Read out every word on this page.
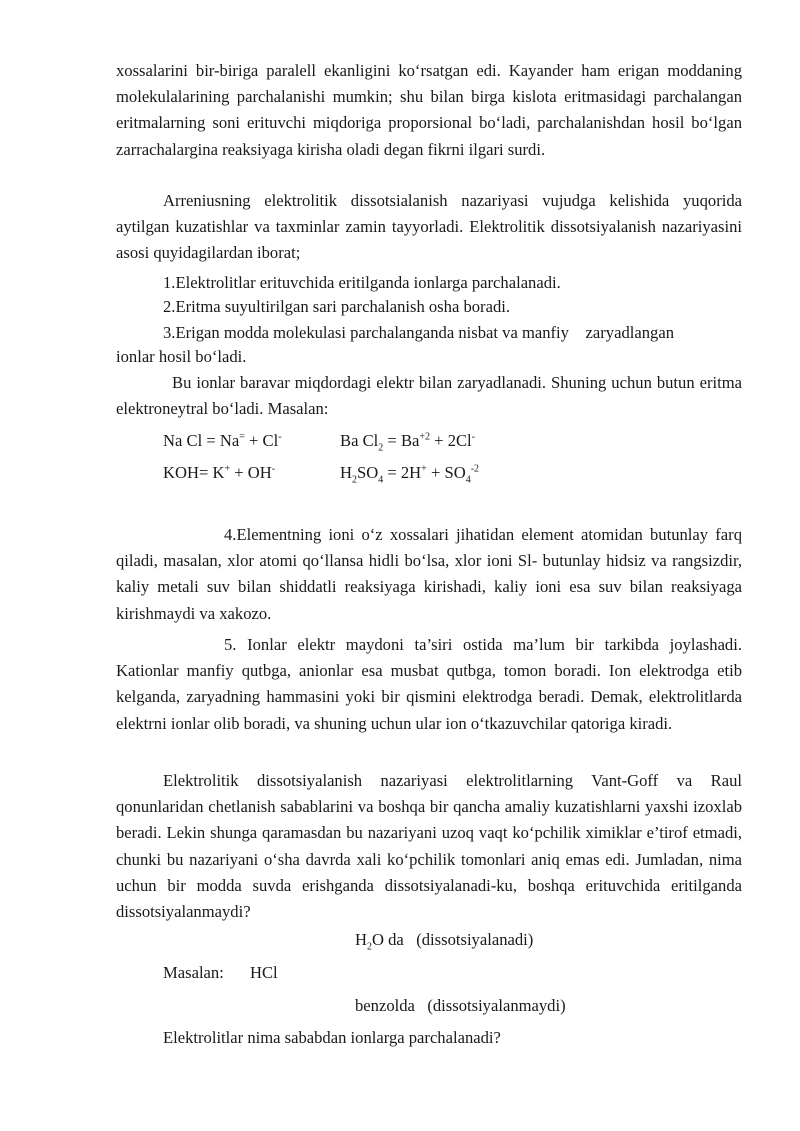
xossalarini bir-biriga paralell ekanligini ko‘rsatgan edi. Kayander ham erigan moddaning molekulalarining parchalanishi mumkin; shu bilan birga kislota eritmasidagi parchalangan eritmalarning soni erituvchi miqdoriga proporsional bo‘ladi, parchalanishdan hosil bo‘lgan zarrachalargina reaksiyaga kirisha oladi degan fikrni ilgari surdi.

Arreniusning elektrolitik dissotsialanish nazariyasi vujudga kelishida yuqorida aytilgan kuzatishlar va taxminlar zamin tayyorladi. Elektrolitik dissotsiyalanish nazariyasini asosi quyidagilardan iborat;

1.Elektrolitlar erituvchida eritilganda ionlarga parchalanadi.
2.Eritma suyultirilgan sari parchalanish osha boradi.
3.Erigan modda molekulasi parchalanganda nisbat va manfiy    zaryadlangan
ionlar hosil bo‘ladi.

Bu ionlar baravar miqdordagi elektr bilan zaryadlanadi. Shuning uchun butun eritma elektroneytral bo‘ladi. Masalan:

Na Cl = Na= + Cl-	Ba $Cl_2 = Ba^{+2} + 2Cl^-$
KOH= K+ + OH-	$H_2SO_4 = 2H^+ + SO_4^{-2}$

4.Elementning ioni o‘z xossalari jihatidan element atomidan butunlay farq qiladi, masalan, xlor atomi qo‘llansa hidli bo‘lsa, xlor ioni Sl- butunlay hidsiz va rangsizdir, kaliy metali suv bilan shiddatli reaksiyaga kirishadi, kaliy ioni esa suv bilan reaksiyaga kirishmaydi va xakozo.

5. Ionlar elektr maydoni ta’siri ostida ma’lum bir tarkibda joylashadi. Kationlar manfiy qutbga, anionlar esa musbat qutbga, tomon boradi. Ion elektrodga etib kelganda, zaryadning hammasini yoki bir qismini elektrodga beradi. Demak, elektrolitlarda elektrni ionlar olib boradi, va shuning uchun ular ion o‘tkazuvchilar qatoriga kiradi.

Elektrolitik dissotsiyalanish nazariyasi elektrolitlarning Vant-Goff va Raul qonunlaridan chetlanish sabablarini va boshqa bir qancha amaliy kuzatishlarni yaxshi izoxlab beradi. Lekin shunga qaramasdan bu nazariyani uzoq vaqt ko‘pchilik ximiklar e’tirof etmadi, chunki bu nazariyani o‘sha davrda xali ko‘pchilik tomonlari aniq emas edi. Jumladan, nima uchun bir modda suvda erishganda dissotsiyalanadi-ku, boshqa erituvchida eritilganda dissotsiyalanmaydi?

$H_2O$ da (dissotsiyalanadi)
Masalan: HCl
benzolda (dissotsiyalanmaydi)
Elektrolitlar nima sababdan ionlarga parchalanadi?
